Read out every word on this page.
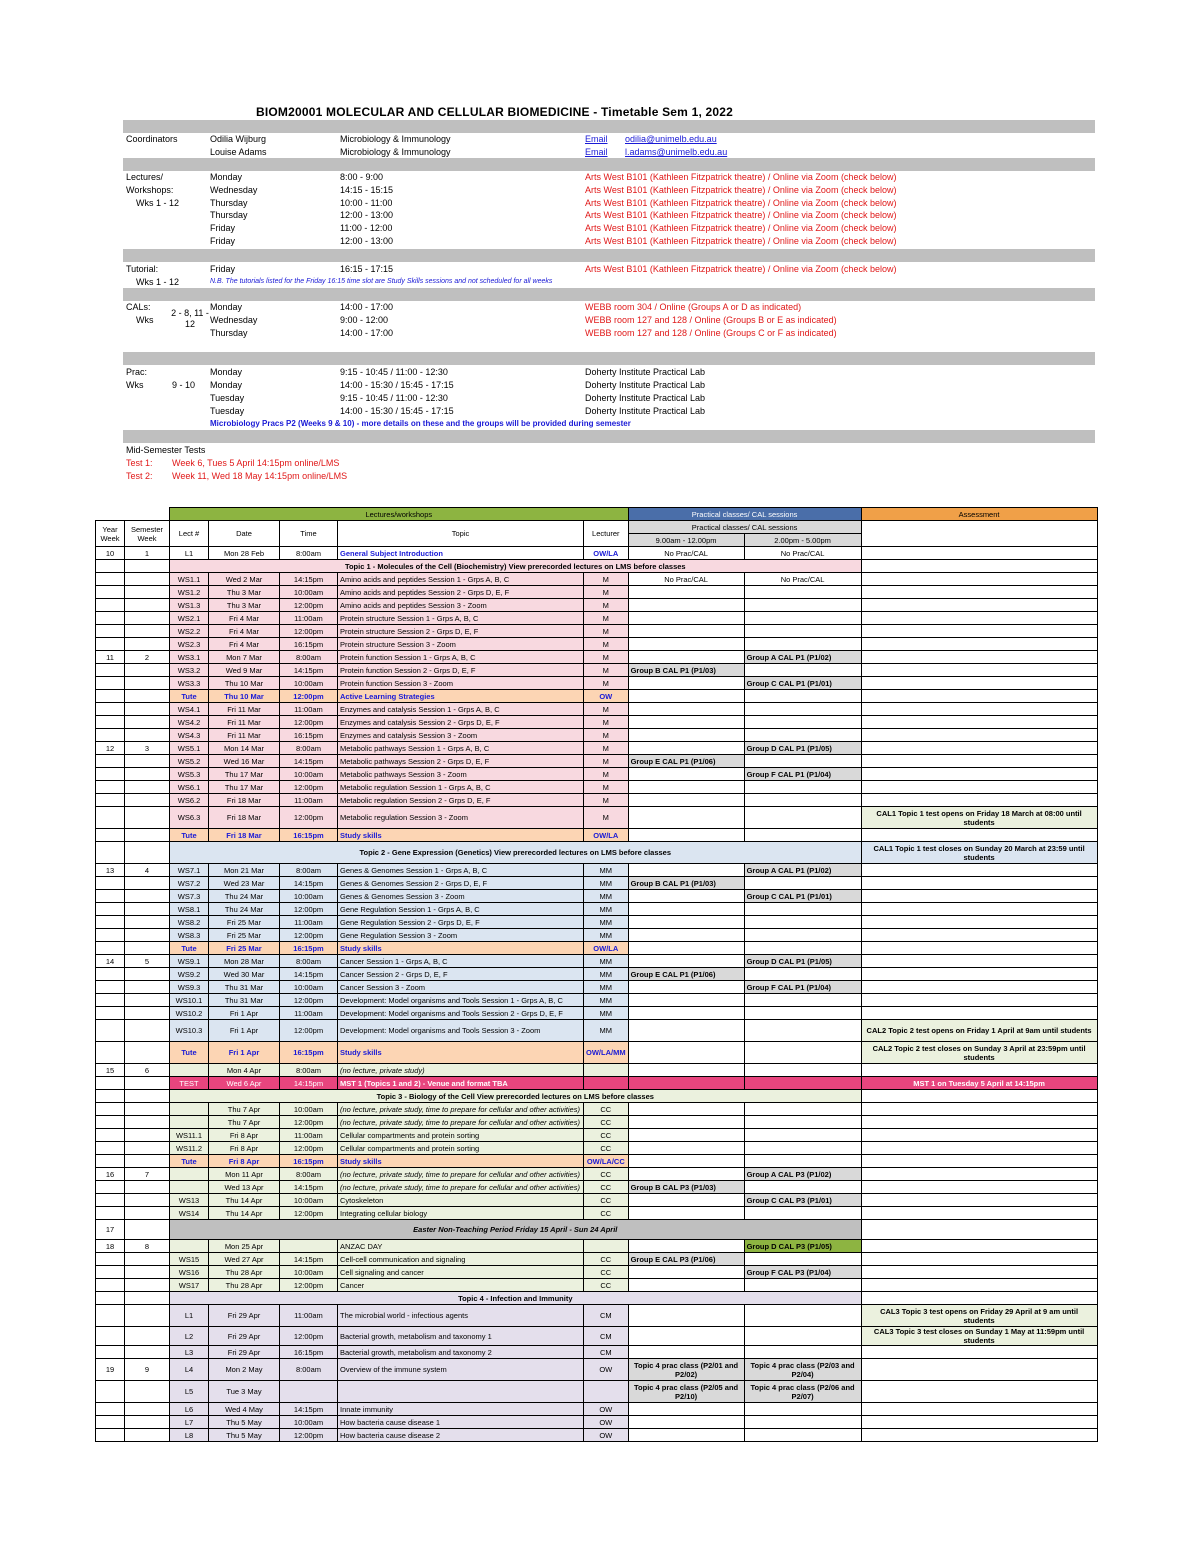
BIOM20001 MOLECULAR AND CELLULAR BIOMEDICINE - Timetable Sem 1, 2022
Coordinators	Odilia Wijburg	Microbiology & Immunology	Email odilia@unimelb.edu.au
Louise Adams	Microbiology & Immunology	Email l.adams@unimelb.edu.au
Lectures/
Workshops:
Wks 1 - 12
Monday	8:00 - 9:00	Arts West B101 (Kathleen Fitzpatrick theatre) / Online via Zoom (check below)
Wednesday	14:15 - 15:15	Arts West B101 (Kathleen Fitzpatrick theatre) / Online via Zoom (check below)
Thursday	10:00 - 11:00	Arts West B101 (Kathleen Fitzpatrick theatre) / Online via Zoom (check below)
Thursday	12:00 - 13:00	Arts West B101 (Kathleen Fitzpatrick theatre) / Online via Zoom (check below)
Friday	11:00 - 12:00	Arts West B101 (Kathleen Fitzpatrick theatre) / Online via Zoom (check below)
Friday	12:00 - 13:00	Arts West B101 (Kathleen Fitzpatrick theatre) / Online via Zoom (check below)
Tutorial:
Wks 1 - 12
Friday	16:15 - 17:15	Arts West B101 (Kathleen Fitzpatrick theatre) / Online via Zoom (check below)
N.B. The tutorials listed for the Friday 16:15 time slot are Study Skills sessions and not scheduled for all weeks
CALs:
Wks
2 - 8, 11 - 12
Monday	14:00 - 17:00	WEBB room 304 / Online (Groups A or D as indicated)
Wednesday	9:00 - 12:00	WEBB room 127 and 128 / Online (Groups B or E as indicated)
Thursday	14:00 - 17:00	WEBB room 127 and 128 / Online (Groups C or F as indicated)
Prac:
Wks	9 - 10
Monday	9:15 - 10:45 / 11:00 - 12:30	Doherty Institute Practical Lab
Monday	14:00 - 15:30 / 15:45 - 17:15	Doherty Institute Practical Lab
Tuesday	9:15 - 10:45 / 11:00 - 12:30	Doherty Institute Practical Lab
Tuesday	14:00 - 15:30 / 15:45 - 17:15	Doherty Institute Practical Lab
Microbiology Pracs P2 (Weeks 9 & 10) - more details on these and the groups will be provided during semester
Mid-Semester Tests
Test 1: Week 6, Tues 5 April 14:15pm online/LMS
Test 2: Week 11, Wed 18 May 14:15pm online/LMS
		Lectures/workshops					Practical classes/ CAL sessions		Assessment
Year Week	Semester Week	Lect #	Date	Time	Topic	Lecturer	Practical classes/ CAL sessions		
							9.00am - 12.00pm	2.00pm - 5.00pm	
10	1	L1	Mon 28 Feb	8:00am	General Subject Introduction	OW/LA	No Prac/CAL	No Prac/CAL	
		Topic 1 - Molecules of the Cell (Biochemistry) View prerecorded lectures on LMS before classes							
		WS1.1	Wed 2 Mar	14:15pm	Amino acids and peptides Session 1 - Grps A, B, C	M	No Prac/CAL	No Prac/CAL	
		WS1.2	Thu 3 Mar	10:00am	Amino acids and peptides Session 2 - Grps D, E, F	M			
		WS1.3	Thu 3 Mar	12:00pm	Amino acids and peptides Session 3 - Zoom	M			
		WS2.1	Fri 4 Mar	11:00am	Protein structure Session 1 - Grps A, B, C	M			
		WS2.2	Fri 4 Mar	12:00pm	Protein structure Session 2 - Grps D, E, F	M			
		WS2.3	Fri 4 Mar	16:15pm	Protein structure Session 3 - Zoom	M			
11	2	WS3.1	Mon 7 Mar	8:00am	Protein function Session 1 - Grps A, B, C	M		Group A CAL P1 (P1/02)	
		WS3.2	Wed 9 Mar	14:15pm	Protein function Session 2 - Grps D, E, F	M	Group B CAL P1 (P1/03)		
		WS3.3	Thu 10 Mar	10:00am	Protein function Session 3 - Zoom	M		Group C CAL P1 (P1/01)	
		Tute	Thu 10 Mar	12:00pm	Active Learning Strategies	OW			
		WS4.1	Fri 11 Mar	11:00am	Enzymes and catalysis Session 1 - Grps A, B, C	M			
		WS4.2	Fri 11 Mar	12:00pm	Enzymes and catalysis Session 2 - Grps D, E, F	M			
		WS4.3	Fri 11 Mar	16:15pm	Enzymes and catalysis Session 3 - Zoom	M			
12	3	WS5.1	Mon 14 Mar	8:00am	Metabolic pathways Session 1 - Grps A, B, C	M		Group D CAL P1 (P1/05)	
		WS5.2	Wed 16 Mar	14:15pm	Metabolic pathways Session 2 - Grps D, E, F	M	Group E CAL P1 (P1/06)		
		WS5.3	Thu 17 Mar	10:00am	Metabolic pathways Session 3 - Zoom	M		Group F CAL P1 (P1/04)	
		WS6.1	Thu 17 Mar	12:00pm	Metabolic regulation Session 1 - Grps A, B, C	M			
		WS6.2	Fri 18 Mar	11:00am	Metabolic regulation Session 2 - Grps D, E, F	M			
		WS6.3	Fri 18 Mar	12:00pm	Metabolic regulation Session 3 - Zoom	M			CAL1 Topic 1 test opens on Friday 18 March at 08:00 until students
		Tute	Fri 18 Mar	16:15pm	Study skills	OW/LA			
		Topic 2 - Gene Expression (Genetics) View prerecorded lectures on LMS before classes							CAL1 Topic 1 test closes on Sunday 20 March at 23:59 until students
13	4	WS7.1	Mon 21 Mar	8:00am	Genes & Genomes Session 1 - Grps A, B, C	MM		Group A CAL P1 (P1/02)	
		WS7.2	Wed 23 Mar	14:15pm	Genes & Genomes Session 2 - Grps D, E, F	MM	Group B CAL P1 (P1/03)		
		WS7.3	Thu 24 Mar	10:00am	Genes & Genomes Session 3 - Zoom	MM		Group C CAL P1 (P1/01)	
		WS8.1	Thu 24 Mar	12:00pm	Gene Regulation Session 1 - Grps A, B, C	MM			
		WS8.2	Fri 25 Mar	11:00am	Gene Regulation Session 2 - Grps D, E, F	MM			
		WS8.3	Fri 25 Mar	12:00pm	Gene Regulation Session 3 - Zoom	MM			
		Tute	Fri 25 Mar	16:15pm	Study skills	OW/LA			
14	5	WS9.1	Mon 28 Mar	8:00am	Cancer Session 1 - Grps A, B, C	MM		Group D CAL P1 (P1/05)	
		WS9.2	Wed 30 Mar	14:15pm	Cancer Session 2 - Grps D, E, F	MM	Group E CAL P1 (P1/06)		
		WS9.3	Thu 31 Mar	10:00am	Cancer Session 3 - Zoom	MM		Group F CAL P1 (P1/04)	
		WS10.1	Thu 31 Mar	12:00pm	Development: Model organisms and Tools Session 1 - Grps A, B, C	MM			
		WS10.2	Fri 1 Apr	11:00am	Development: Model organisms and Tools Session 2 - Grps D, E, F	MM			
		WS10.3	Fri 1 Apr	12:00pm	Development: Model organisms and Tools Session 3 - Zoom	MM			CAL2 Topic 2 test opens on Friday 1 April at 9am until students
		Tute	Fri 1 Apr	16:15pm	Study skills	OW/LA/MM			CAL2 Topic 2 test closes on Sunday 3 April at 23:59pm until students
15	6		Mon 4 Apr	8:00am	(no lecture, private study)				
		TEST	Wed 6 Apr	14:15pm	MST 1 (Topics 1 and 2) - Venue and format TBA				MST 1 on Tuesday 5 April at 14:15pm
		Topic 3 - Biology of the Cell View prerecorded lectures on LMS before classes							
			Thu 7 Apr	10:00am	(no lecture, private study, time to prepare for cellular and other activities)	CC			
			Thu 7 Apr	12:00pm	(no lecture, private study, time to prepare for cellular and other activities)	CC			
		WS11.1	Fri 8 Apr	11:00am	Cellular compartments and protein sorting	CC			
		WS11.2	Fri 8 Apr	12:00pm	Cellular compartments and protein sorting	CC			
		Tute	Fri 8 Apr	16:15pm	Study skills	OW/LA/CC			
16	7		Mon 11 Apr	8:00am	(no lecture, private study, time to prepare for cellular and other activities)	CC		Group A CAL P3 (P1/02)	
			Wed 13 Apr	14:15pm	(no lecture, private study, time to prepare for cellular and other activities)	CC	Group B CAL P3 (P1/03)		
		WS13	Thu 14 Apr	10:00am	Cytoskeleton	CC		Group C CAL P3 (P1/01)	
		WS14	Thu 14 Apr	12:00pm	Integrating cellular biology	CC			
17		Easter Non-Teaching Period Friday 15 April - Sun 24 April							
18	8		Mon 25 Apr		ANZAC DAY			Group D CAL P3 (P1/05)	
		WS15	Wed 27 Apr	14:15pm	Cell-cell communication and signaling	CC	Group E CAL P3 (P1/06)		
		WS16	Thu 28 Apr	10:00am	Cell signaling and cancer	CC		Group F CAL P3 (P1/04)	
		WS17	Thu 28 Apr	12:00pm	Cancer	CC			
		Topic 4 - Infection and Immunity							
		L1	Fri 29 Apr	11:00am	The microbial world - infectious agents	CM			CAL3 Topic 3 test opens on Friday 29 April at 9 am until students
		L2	Fri 29 Apr	12:00pm	Bacterial growth, metabolism and taxonomy 1	CM			CAL3 Topic 3 test closes on Sunday 1 May at 11:59pm until students
		L3	Fri 29 Apr	16:15pm	Bacterial growth, metabolism and taxonomy 2	CM			
19	9	L4	Mon 2 May	8:00am	Overview of the immune system	OW	Topic 4 prac class (P2/01 and P2/02)	Topic 4 prac class (P2/03 and P2/04)	
		L5	Tue 3 May				Topic 4 prac class (P2/05 and P2/10)	Topic 4 prac class (P2/06 and P2/07)	
		L6	Wed 4 May	14:15pm	Innate immunity	OW			
		L7	Thu 5 May	10:00am	How bacteria cause disease 1	OW			
		L8	Thu 5 May	12:00pm	How bacteria cause disease 2	OW			
